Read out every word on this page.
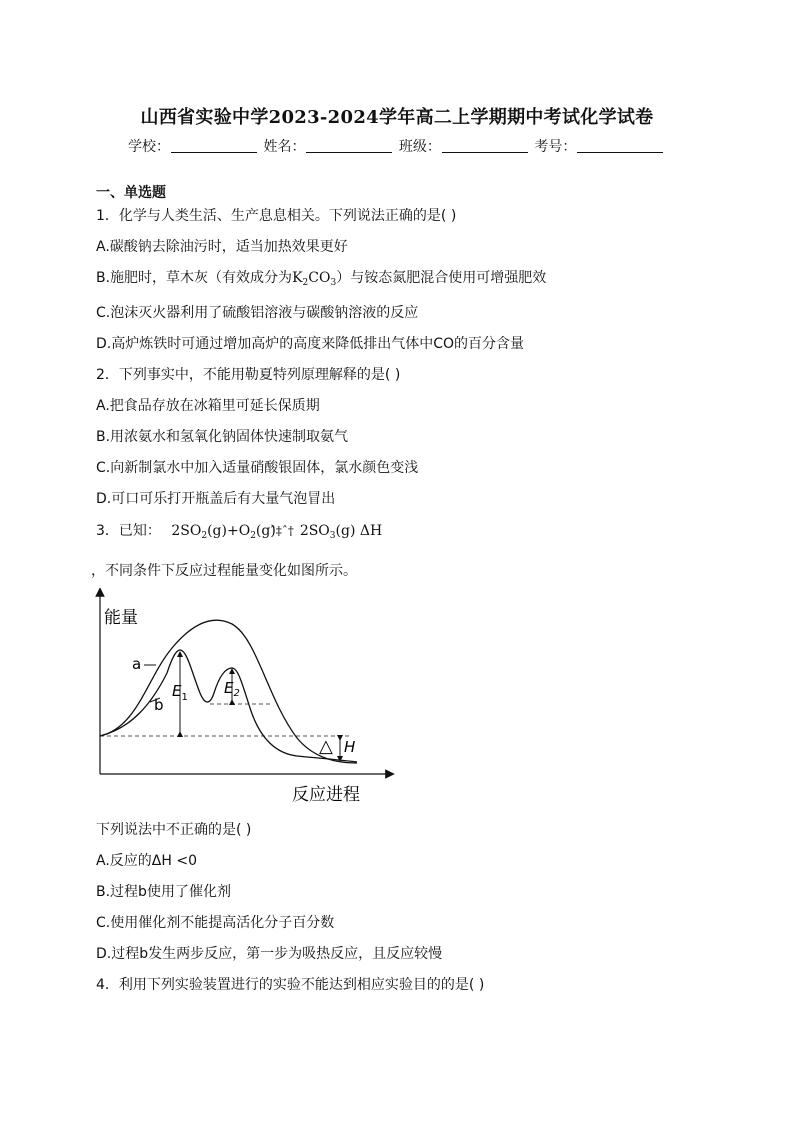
山西省实验中学2023-2024学年高二上学期期中考试化学试卷
学校：	姓名：	班级：	考号：
一、单选题
1．化学与人类生活、生产息息相关。下列说法正确的是( )
A.碳酸钠去除油污时，适当加热效果更好
B.施肥时，草木灰（有效成分为$K_2CO_3$）与铵态氮肥混合使用可增强肥效
C.泡沫灭火器利用了硫酸铝溶液与碳酸钠溶液的反应
D.高炉炼铁时可通过增加高炉的高度来降低排出气体中CO的百分含量
2．下列事实中，不能用勒夏特列原理解释的是( )
A.把食品存放在冰箱里可延长保质期
B.用浓氨水和氢氧化钠固体快速制取氨气
C.向新制氯水中加入适量硝酸银固体，氯水颜色变浅
D.可口可乐打开瓶盖后有大量气泡冒出
3．已知： $2SO_2(g)+O_2(g)̂\ddagger ˆ\dagger$ $2SO_3(g)$ ΔH
，不同条件下反应过程能量变化如图所示。
能量
反应进程
a
b
$E_1$
$E_2$
△ H
下列说法中不正确的是( )
A.反应的ΔH <0
B.过程b使用了催化剂
C.使用催化剂不能提高活化分子百分数
D.过程b发生两步反应，第一步为吸热反应，且反应较慢
4．利用下列实验装置进行的实验不能达到相应实验目的的是( )
